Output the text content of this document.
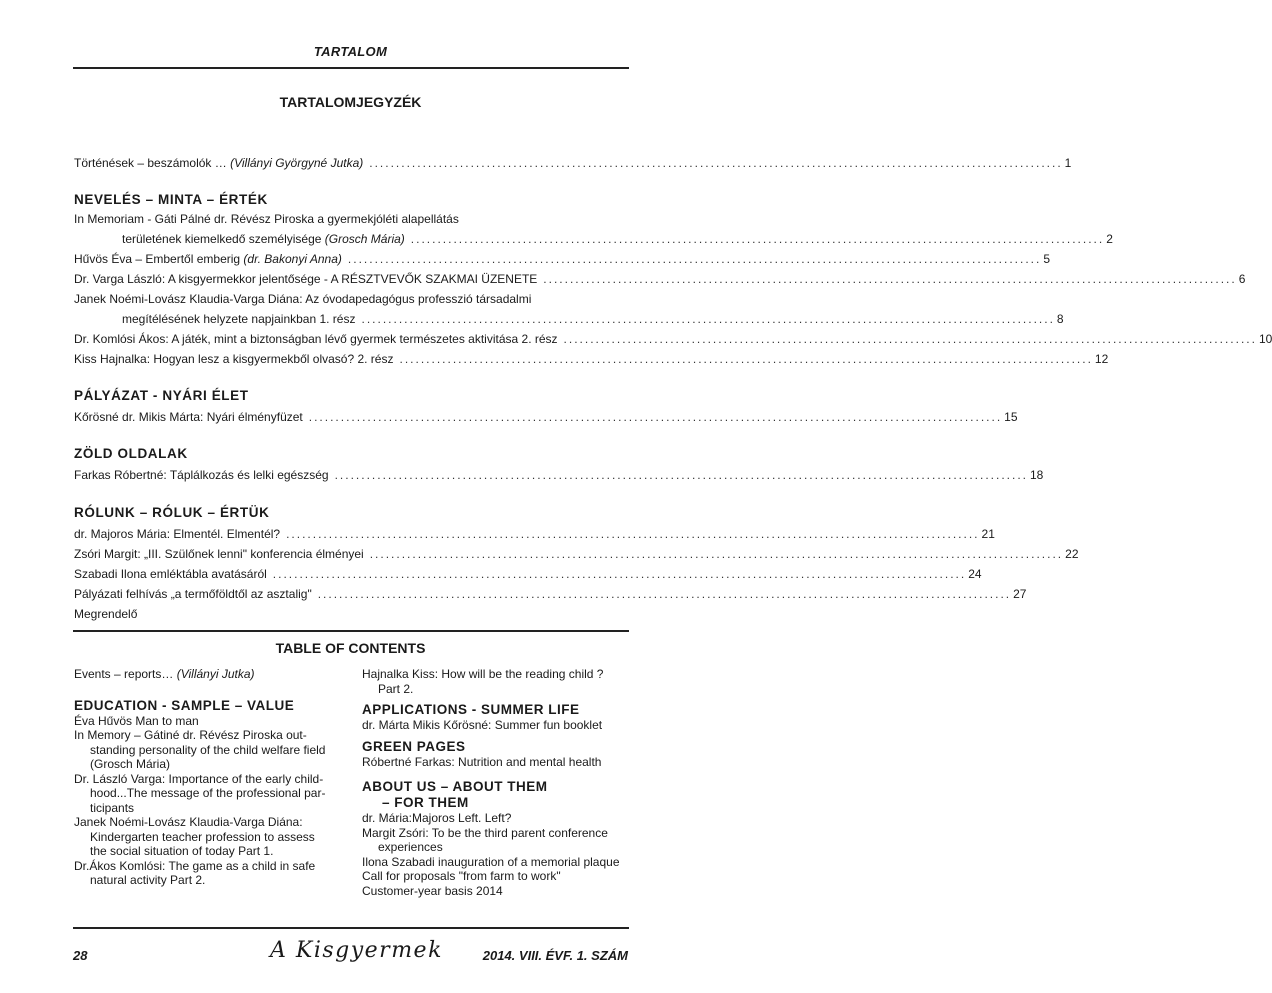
TARTALOM
TARTALOMJEGYZÉK
Történések – beszámolók … (Villányi Györgyné Jutka) .................................................................................................................................. 1
NEVELÉS – MINTA – ÉRTÉK
In Memoriam - Gáti Pálné dr. Révész Piroska a gyermekjóléti alapellátás
területének kiemelkedő személyisége (Grosch Mária) .................................................................................................................................. 2
Hűvös Éva – Embertől emberig (dr. Bakonyi Anna) .................................................................................................................................. 5
Dr. Varga László: A kisgyermekkor jelentősége - A RÉSZTVEVŐK SZAKMAI ÜZENETE .................................................................................................................................. 6
Janek Noémi-Lovász Klaudia-Varga Diána: Az óvodapedagógus professzió társadalmi
megítélésének helyzete napjainkban 1. rész .................................................................................................................................. 8
Dr. Komlósi Ákos: A játék, mint a biztonságban lévő gyermek természetes aktivitása 2. rész .................................................................................................................................. 10
Kiss Hajnalka: Hogyan lesz a kisgyermekből olvasó? 2. rész .................................................................................................................................. 12
PÁLYÁZAT - NYÁRI ÉLET
Kőrösné dr. Mikis Márta: Nyári élményfüzet .................................................................................................................................. 15
ZÖLD OLDALAK
Farkas Róbertné: Táplálkozás és lelki egészség .................................................................................................................................. 18
RÓLUNK – RÓLUK – ÉRTÜK
dr. Majoros Mária: Elmentél. Elmentél? .................................................................................................................................. 21
Zsóri Margit: „III. Szülőnek lenni" konferencia élményei .................................................................................................................................. 22
Szabadi Ilona emléktábla avatásáról .................................................................................................................................. 24
Pályázati felhívás „a termőföldtől az asztalig" .................................................................................................................................. 27
Megrendelő
TABLE OF CONTENTS
Events – reports… (Villányi Jutka)
EDUCATION - SAMPLE – VALUE
Éva Hűvös Man to man
In Memory – Gátiné dr. Révész Piroska out-
standing personality of the child welfare field
(Grosch Mária)
Dr. László Varga: Importance of the early child-
hood...The message of the professional par-
ticipants
Janek Noémi-Lovász Klaudia-Varga Diána:
Kindergarten teacher profession to assess
the social situation of today Part 1.
Dr.Ákos Komlósi: The game as a child in safe
natural activity Part 2.
Hajnalka Kiss: How will be the reading child ?
Part 2.
APPLICATIONS - SUMMER LIFE
dr. Márta Mikis Kőrösné: Summer fun booklet
GREEN PAGES
Róbertné Farkas: Nutrition and mental health
ABOUT US – ABOUT THEM
– FOR THEM
dr. Mária:Majoros Left. Left?
Margit Zsóri: To be the third parent conference
experiences
Ilona Szabadi inauguration of a memorial plaque
Call for proposals "from farm to work"
Customer-year basis 2014
28	A Kisgyermek	2014. VIII. ÉVF. 1. SZÁM
